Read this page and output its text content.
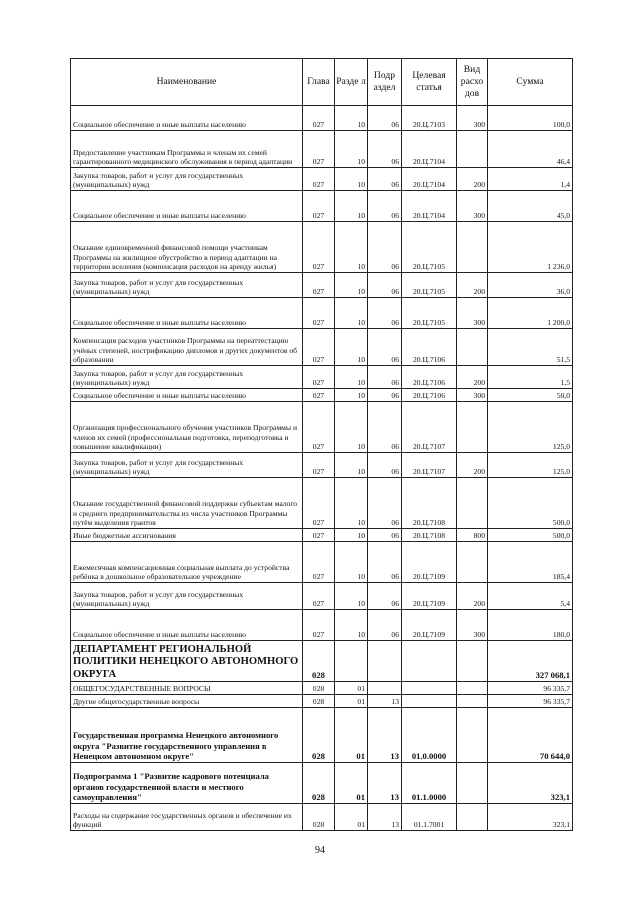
Наименование	Глава	Разде л	Подр аздел	Целевая статья	Вид расхо дов	Сумма
Социальное обеспечение и иные выплаты населению	027	10	06	20.Ц.7103	300	100,0
Предоставление участникам Программы и членам их семей гарантированного медицинского обслуживания в период адаптации	027	10	06	20.Ц.7104		46,4
Закупка товаров, работ и услуг для государственных (муниципальных) нужд	027	10	06	20.Ц.7104	200	1,4
Социальное обеспечение и иные выплаты населению	027	10	06	20.Ц.7104	300	45,0
Оказание единовременной финансовой помощи участникам Программы на жилищное обустройство в период адаптации на территории вселения (компенсация расходов на аренду жилья)	027	10	06	20.Ц.7105		1 236,0
Закупка товаров, работ и услуг для государственных (муниципальных) нужд	027	10	06	20.Ц.7105	200	36,0
Социальное обеспечение и иные выплаты населению	027	10	06	20.Ц.7105	300	1 200,0
Компенсация расходов участников Программы на переаттестацию учёных степеней, нострификацию дипломов и других документов об образовании	027	10	06	20.Ц.7106		51,5
Закупка товаров, работ и услуг для государственных (муниципальных) нужд	027	10	06	20.Ц.7106	200	1,5
Социальное обеспечение и иные выплаты населению	027	10	06	20.Ц.7106	300	50,0
Организация профессионального обучения участников Программы и членов их семей (профессиональная подготовка, переподготовка и повышение квалификации)	027	10	06	20.Ц.7107		125,0
Закупка товаров, работ и услуг для государственных (муниципальных) нужд	027	10	06	20.Ц.7107	200	125,0
Оказание государственной финансовой поддержки субъектам малого и среднего предпринимательства из числа участников Программы путём выделения грантов	027	10	06	20.Ц.7108		500,0
Иные бюджетные ассигнования	027	10	06	20.Ц.7108	800	500,0
Ежемесячная компенсационная социальная выплата до устройства ребёнка в дошкольное образовательное учреждение	027	10	06	20.Ц.7109		185,4
Закупка товаров, работ и услуг для государственных (муниципальных) нужд	027	10	06	20.Ц.7109	200	5,4
Социальное обеспечение и иные выплаты населению	027	10	06	20.Ц.7109	300	180,0
ДЕПАРТАМЕНТ РЕГИОНАЛЬНОЙ ПОЛИТИКИ НЕНЕЦКОГО АВТОНОМНОГО ОКРУГА	028					327 068,1
ОБЩЕГОСУДАРСТВЕННЫЕ ВОПРОСЫ	028	01				96 335,7
Другие общегосударственные вопросы	028	01	13			96 335,7
Государственная программа Ненецкого автономного округа "Развитие государственного управления в Ненецком автономном округе"	028	01	13	01.0.0000		70 644,0
Подпрограмма 1 "Развитие кадрового потенциала органов государственной власти и местного самоуправления"	028	01	13	01.1.0000		323,1
Расходы на содержание государственных органов и обеспечение их функций	028	01	13	01.1.7001		323,1
94
